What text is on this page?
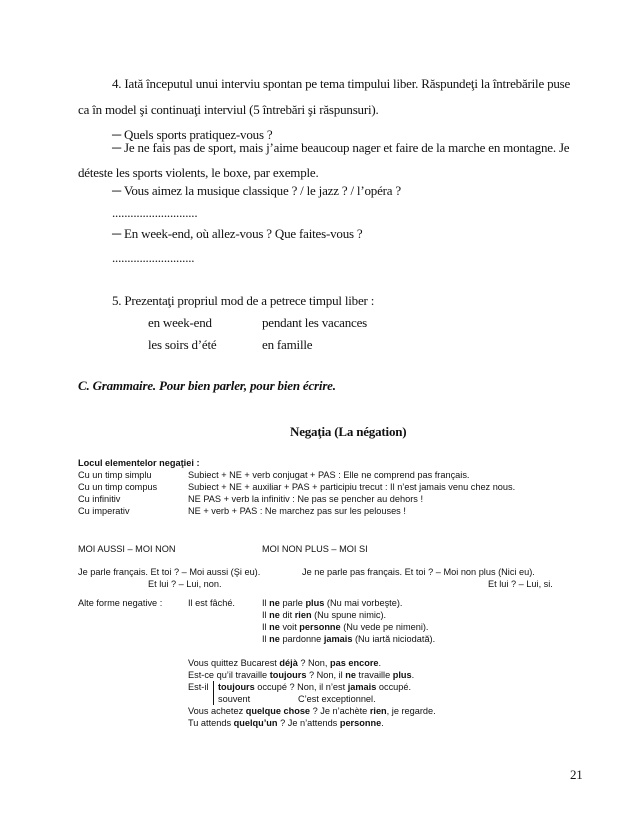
4. Iată începutul unui interviu spontan pe tema timpului liber. Răspundeţi la întrebările puse
ca în model şi continuaţi interviul (5 întrebări şi răspunsuri).
─ Quels sports pratiquez-vous ?
─ Je ne fais pas de sport, mais j’aime beaucoup nager et faire de la marche en montagne. Je
déteste les sports violents, le boxe, par exemple.
─ Vous aimez la musique classique ? / le jazz ? / l’opéra ?
............................
─ En week-end, où allez-vous ? Que faites-vous ?
...........................
5. Prezentaţi propriul mod de a petrece timpul liber :
en week-end	pendant les vacances
les soirs d’été	en famille
C. Grammaire. Pour bien parler, pour bien écrire.
Negaţia (La négation)
Locul elementelor negaţiei :
Cu un timp simplu	Subiect + NE + verb conjugat + PAS : Elle ne comprend pas français.
Cu un timp compus	Subiect + NE + auxiliar + PAS + participiu trecut : Il n’est jamais venu chez nous.
Cu infinitiv	NE PAS + verb la infinitiv : Ne pas se pencher au dehors !
Cu imperativ	NE + verb + PAS : Ne marchez pas sur les pelouses !
MOI AUSSI – MOI NON	MOI NON PLUS – MOI SI
Je parle français. Et toi ? – Moi aussi (Şi eu).
Et lui ? – Lui, non.
Je ne parle pas français. Et toi ? – Moi non plus (Nici eu).
Et lui ? – Lui, si.
Alte forme negative :	Il est fâché.	Il ne parle plus (Nu mai vorbeşte).
Il ne dit rien (Nu spune nimic).
Il ne voit personne (Nu vede pe nimeni).
Il ne pardonne jamais (Nu iartă niciodată).
Vous quittez Bucarest déjà ? Non, pas encore.
Est-ce qu’il travaille toujours ? Non, il ne travaille plus.
Est-il toujours occupé ? Non, il n’est jamais occupé.
souvent	C’est exceptionnel.
Vous achetez quelque chose ? Je n’achète rien, je regarde.
Tu attends quelqu’un ? Je n’attends personne.
21
